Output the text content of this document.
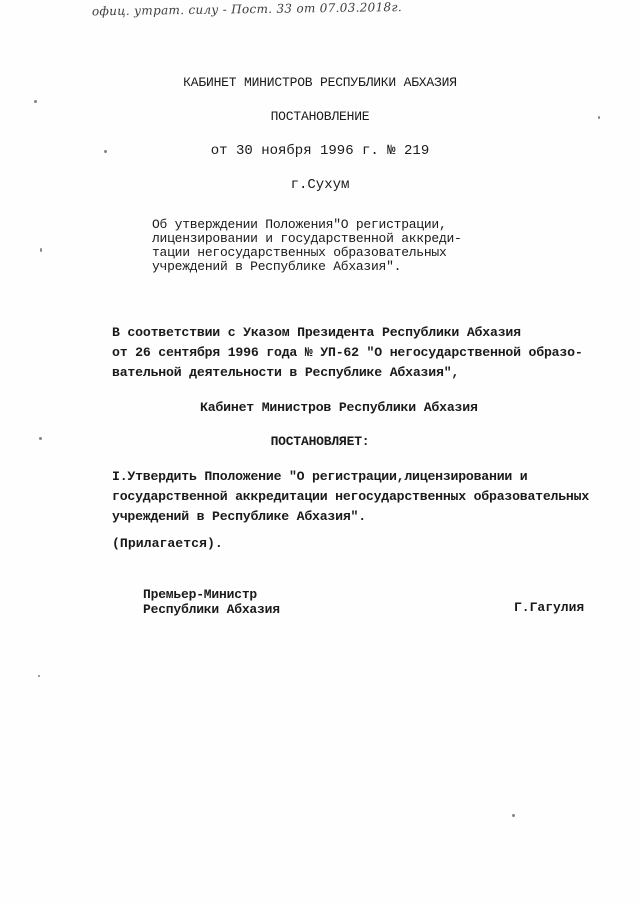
офиц. утрат. силу - Пост. 33 от 07.03.2018г.
КАБИНЕТ МИНИСТРОВ РЕСПУБЛИКИ АБХАЗИЯ
ПОСТАНОВЛЕНИЕ
от 30 ноября 1996 г. № 219
г.Сухум
Об утверждении Положения"О регистрации,
лицензировании и государственной аккреди-
тации негосударственных образовательных
учреждений в Республике Абхазия".
В соответствии с Указом Президента Республики Абхазия
от 26 сентября 1996 года № УП-62 "О негосударственной образо-
вательной деятельности в Республике Абхазия",
Кабинет Министров Республики Абхазия
ПОСТАНОВЛЯЕТ:
I.Утвердить Пположение "О регистрации,лицензировании и
государственной аккредитации негосударственных образовательных
учреждений в Республике Абхазия".
(Прилагается).
Премьер-Министр
Республики Абхазия	Г.Гагулия
